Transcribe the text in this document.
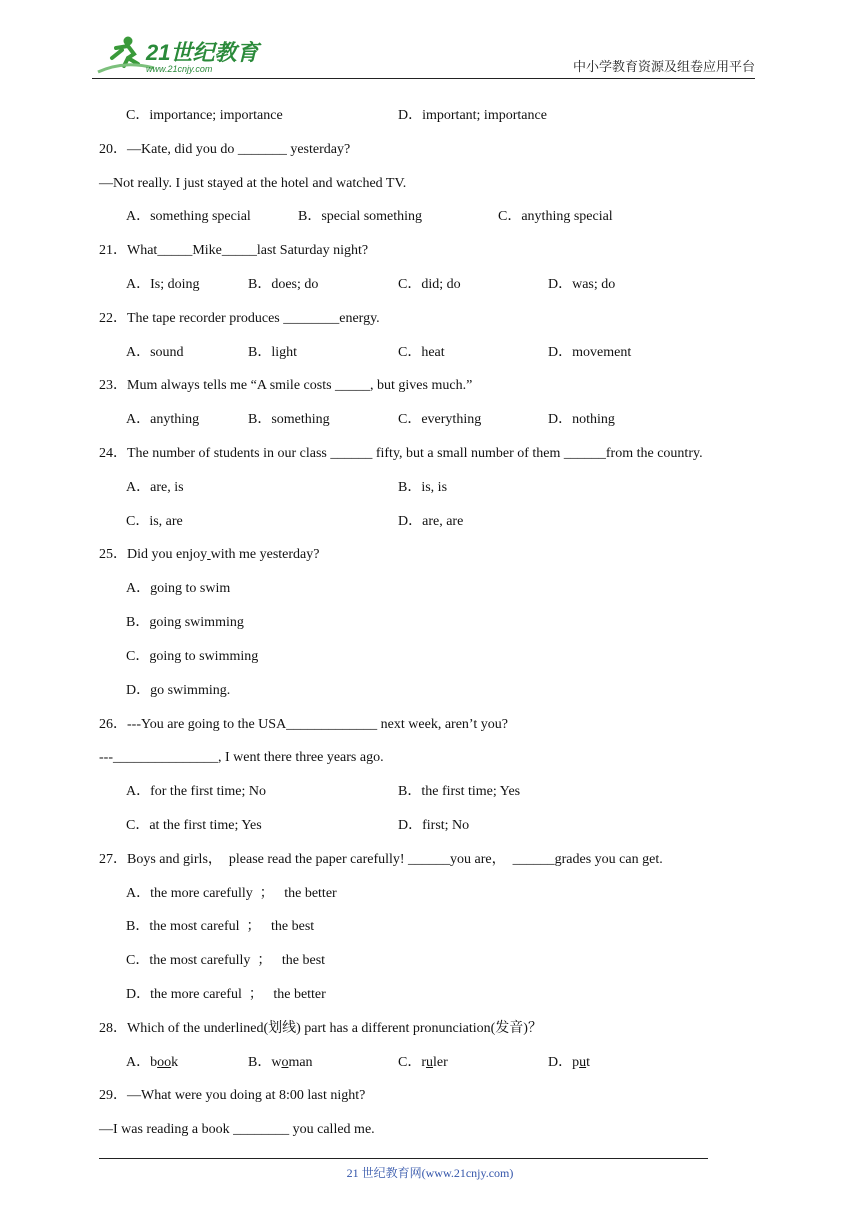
21世纪教育
www.21cnjy.com	中小学教育资源及组卷应用平台
C．importance; importance	D．important; importance
20．—Kate, did you do _______ yesterday?
—Not really. I just stayed at the hotel and watched TV.
A．something special	B．special something	C．anything special
21．What_____Mike_____last Saturday night?
A．Is; doing	B．does; do	C．did; do	D．was; do
22．The tape recorder produces ________energy.
A．sound	B．light	C．heat	D．movement
23．Mum always tells me “A smile costs _____, but gives much.”
A．anything	B．something	C．everything	D．nothing
24．The number of students in our class ______ fifty, but a small number of them ______from the country.
A．are, is	B．is, is
C．is, are	D．are, are
25．Did you enjoy with me yesterday?
A．going to swim
B．going swimming
C．going to swimming
D．go swimming.
26．---You are going to the USA_____________ next week, aren’t you?
---_______________, I went there three years ago.
A．for the first time; No	B．the first time; Yes
C．at the first time; Yes	D．first; No
27．Boys and girls，  please read the paper carefully! ______you are，  ______grades you can get.
A．the more carefully  ；   the better
B．the most careful  ；   the best
C．the most carefully  ；   the best
D．the more careful  ；   the better
28．Which of the underlined(划线) part has a different pronunciation(发音)？
A．book	B．woman	C．ruler	D．put
29．—What were you doing at 8:00 last night?
—I was reading a book ________ you called me.
21 世纪教育网(www.21cnjy.com)
